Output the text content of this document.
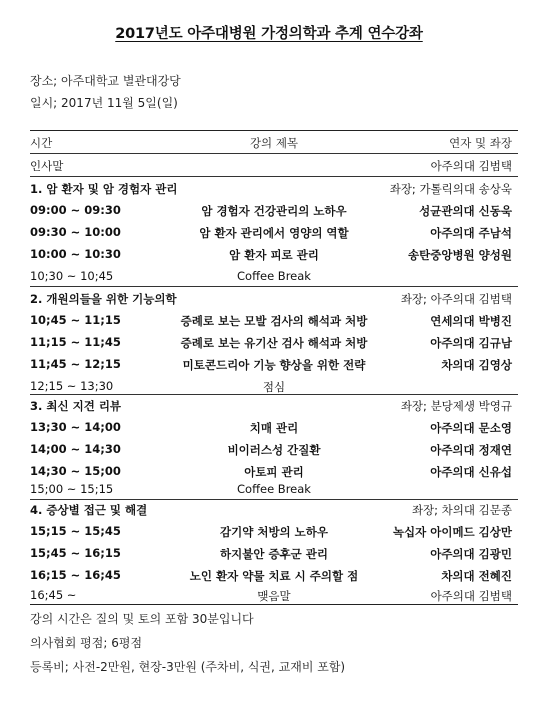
2017년도 아주대병원 가정의학과 추계 연수강좌
장소; 아주대학교 별관대강당
일시; 2017년 11월 5일(일)
시간	강의 제목	연자 및 좌장
인사말	아주의대 김범택
1. 암 환자 및 암 경험자 관리	좌장; 가톨릭의대 송상욱
09:00 ~ 09:30	암 경험자 건강관리의 노하우	성균관의대 신동욱
09:30 ~ 10:00	암 환자 관리에서 영양의 역할	아주의대 주남석
10:00 ~ 10:30	암 환자 피로 관리	송탄중앙병원 양성원
10;30 ~ 10;45	Coffee Break
2. 개원의들을 위한 기능의학	좌장; 아주의대 김범택
10;45 ~ 11;15	증례로 보는 모발 검사의 해석과 처방	연세의대 박병진
11;15 ~ 11;45	증례로 보는 유기산 검사 해석과 처방	아주의대 김규남
11;45 ~ 12;15	미토콘드리아 기능 향상을 위한 전략	차의대 김영상
12;15 ~ 13;30	점심
3. 최신 지견 리뷰	좌장; 분당제생 박영규
13;30 ~ 14;00	치매 관리	아주의대 문소영
14;00 ~ 14;30	비이러스성 간질환	아주의대 정재연
14;30 ~ 15;00	아토피 관리	아주의대 신유섭
15;00 ~ 15;15	Coffee Break
4. 증상별 접근 및 해결	좌장; 차의대 김문종
15;15 ~ 15;45	감기약 처방의 노하우	녹십자 아이메드 김상만
15;45 ~ 16;15	하지불안 증후군 관리	아주의대 김광민
16;15 ~ 16;45	노인 환자 약물 치료 시 주의할 점	차의대 전혜진
16;45 ~	맺음말	아주의대 김범택
강의 시간은 질의 및 토의 포함 30분입니다
의사협회 평점; 6평점
등록비; 사전-2만원, 현장-3만원 (주차비, 식권, 교재비 포함)
